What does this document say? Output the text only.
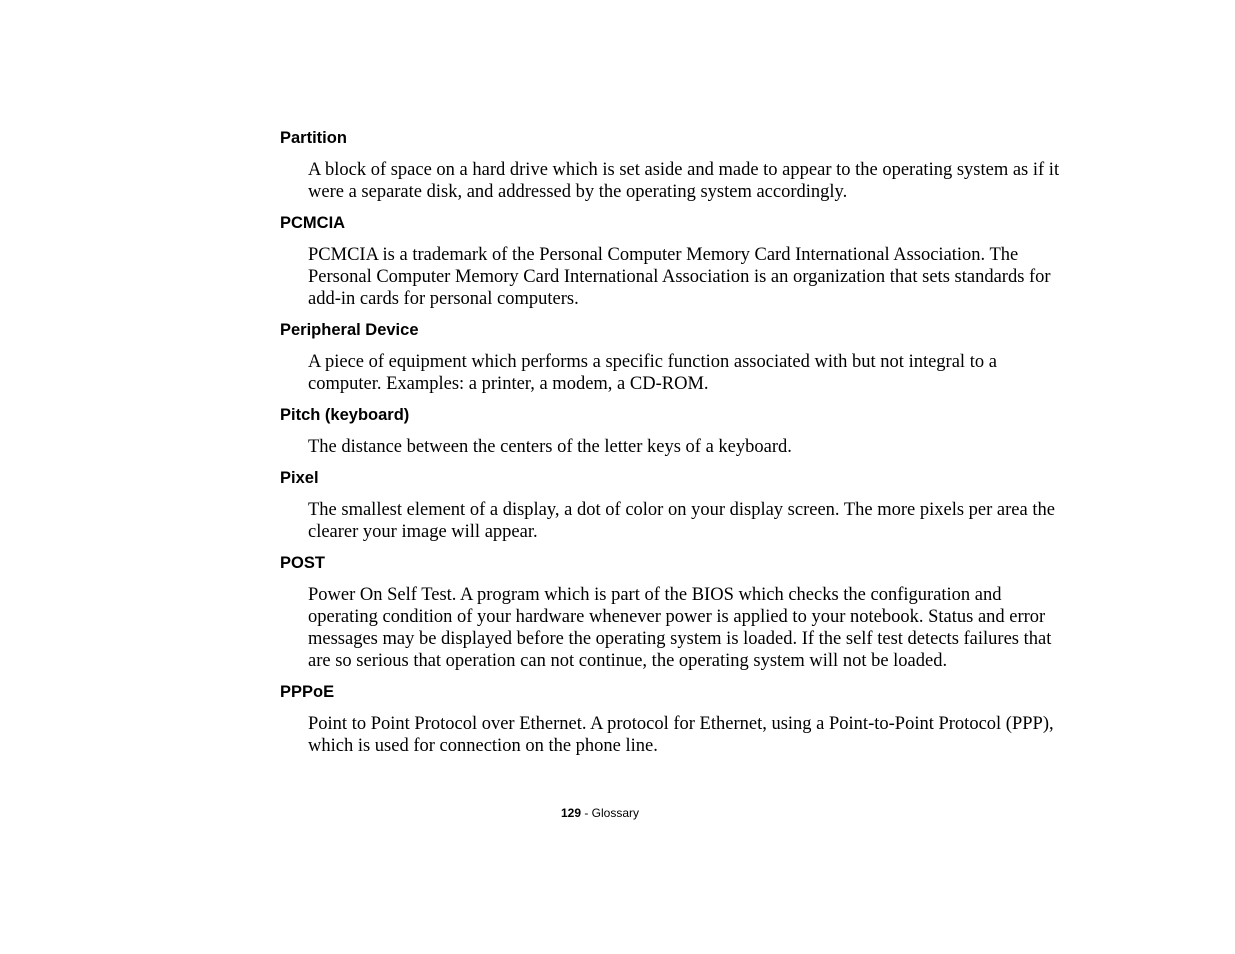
Partition

A block of space on a hard drive which is set aside and made to appear to the operating system as if it were a separate disk, and addressed by the operating system accordingly.

PCMCIA

PCMCIA is a trademark of the Personal Computer Memory Card International Association. The Personal Computer Memory Card International Association is an organization that sets standards for add-in cards for personal computers.

Peripheral Device

A piece of equipment which performs a specific function associated with but not integral to a computer. Examples: a printer, a modem, a CD-ROM.

Pitch (keyboard)

The distance between the centers of the letter keys of a keyboard.

Pixel

The smallest element of a display, a dot of color on your display screen. The more pixels per area the clearer your image will appear.

POST

Power On Self Test. A program which is part of the BIOS which checks the configuration and operating condition of your hardware whenever power is applied to your notebook. Status and error messages may be displayed before the operating system is loaded. If the self test detects failures that are so serious that operation can not continue, the operating system will not be loaded.

PPPoE

Point to Point Protocol over Ethernet. A protocol for Ethernet, using a Point-to-Point Protocol (PPP), which is used for connection on the phone line.

129 - Glossary
